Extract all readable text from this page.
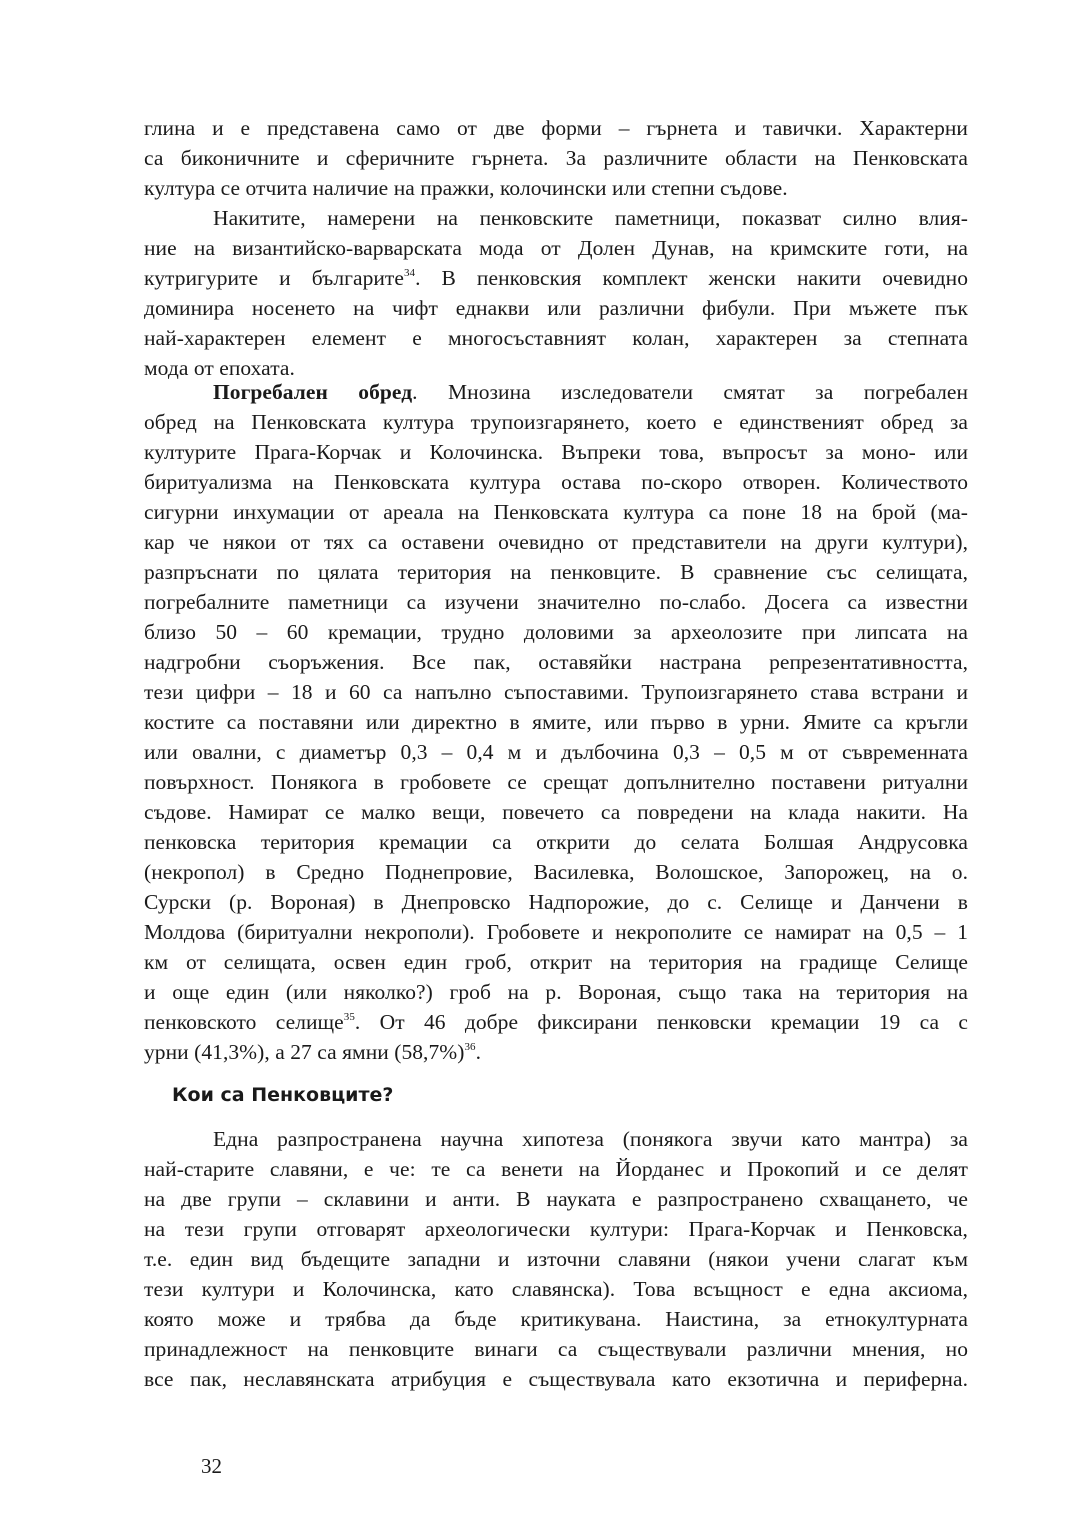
глина и е представена само от две форми – гърнета и тавички. Характерни
са биконичните и сферичните гърнета. За различните области на Пенковската
култура се отчита наличие на пражки, колочински или степни съдове.
Накитите, намерени на пенковските паметници, показват силно влия-
ние на византийско-варварската мода от Долен Дунав, на кримските готи, на
кутригурите и българите$^{34}$. В пенковския комплект женски накити очевидно
доминира носенето на чифт еднакви или различни фибули. При мъжете пък
най-характерен елемент е многосъставният колан, характерен за степната
мода от епохата.
Погребален обред. Мнозина изследователи смятат за погребален
обред на Пенковската култура трупоизгарянето, което е единственият обред за
културите Прага-Корчак и Колочинска. Въпреки това, въпросът за моно- или
биритуализма на Пенковската култура остава по-скоро отворен. Количеството
сигурни инхумации от ареала на Пенковската култура са поне 18 на брой (ма-
кар че някои от тях са оставени очевидно от представители на други култури),
разпръснати по цялата територия на пенковците. В сравнение със селищата,
погребалните паметници са изучени значително по-слабо. Досега са известни
близо 50 – 60 кремации, трудно доловими за археолозите при липсата на
надгробни съоръжения. Все пак, оставяйки настрана репрезентативността,
тези цифри – 18 и 60 са напълно съпоставими. Трупоизгарянето става встрани и
костите са поставяни или директно в ямите, или първо в урни. Ямите са кръгли
или овални, с диаметър 0,3 – 0,4 м и дълбочина 0,3 – 0,5 м от съвременната
повърхност. Понякога в гробовете се срещат допълнително поставени ритуални
съдове. Намират се малко вещи, повечето са повредени на клада накити. На
пенковска територия кремации са открити до селата Болшая Андрусовка
(некропол) в Средно Поднепровие, Василевка, Волошское, Запорожец, на о.
Сурски (р. Вороная) в Днепровско Надпорожие, до с. Селище и Данчени в
Молдова (биритуални некрополи). Гробовете и некрополите се намират на 0,5 – 1
км от селищата, освен един гроб, открит на територия на градище Селище
и още един (или няколко?) гроб на р. Вороная, също така на територия на
пенковското селище$^{35}$. От 46 добре фиксирани пенковски кремации 19 са с
урни (41,3%), а 27 са ямни $(58,7\%)^{36}$.
Кои са Пенковците?
Една разпространена научна хипотеза (понякога звучи като мантра) за
най-старите славяни, е че: те са венети на Йорданес и Прокопий и се делят
на две групи – склавини и анти. В науката е разпространено схващането, че
на тези групи отговарят археологически култури: Прага-Корчак и Пенковска,
т.е. един вид бъдещите западни и източни славяни (някои учени слагат към
тези култури и Колочинска, като славянска). Това всъщност е една аксиома,
която може и трябва да бъде критикувана. Наистина, за етнокултурната
принадлежност на пенковците винаги са съществували различни мнения, но
все пак, неславянската атрибуция е съществувала като екзотична и периферна.
32
